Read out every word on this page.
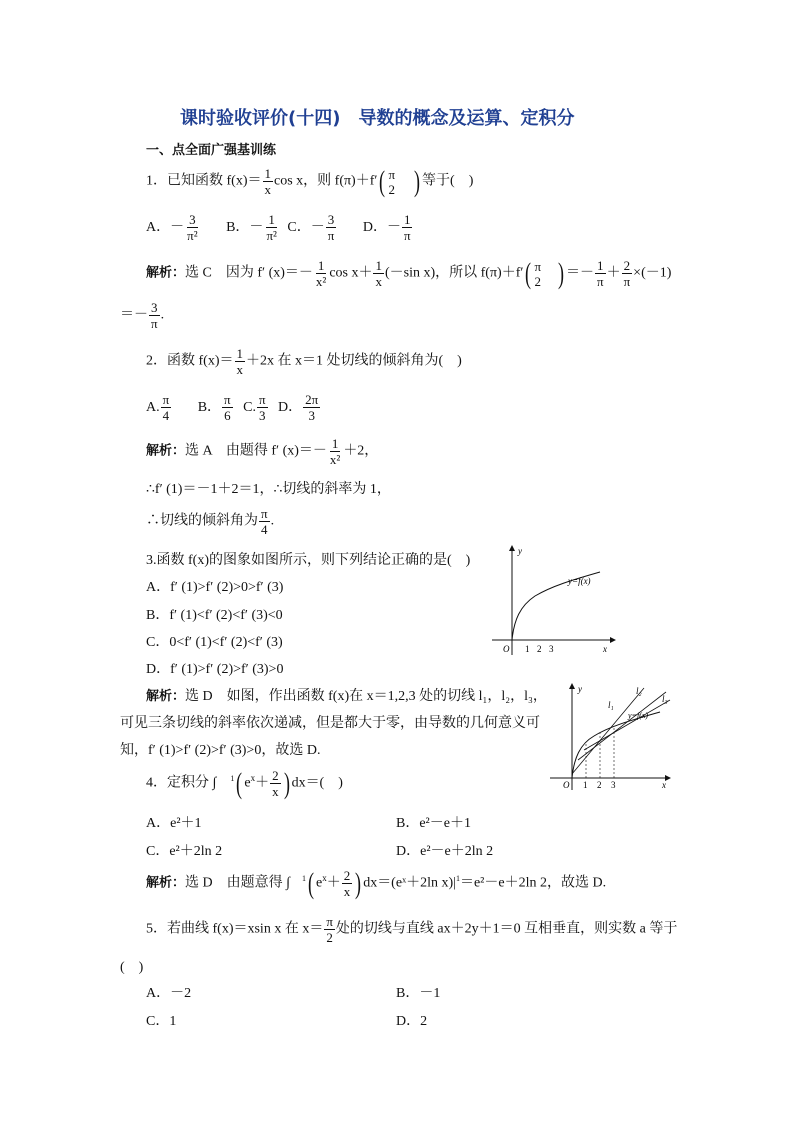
课时验收评价(十四)　导数的概念及运算、定积分
一、点全面广强基训练
1．已知函数 $f(x)= \frac{1}{x}$ cos x，则 f(π)＋f′( π
2 ) 等于(　)
A．－ $\frac{3}{\text{π²}}$ B．－ $\frac{1}{\text{π²}}$ C．－ $\frac{3}{\pi}$ D．－ $\frac{1}{\pi}$
解析：选 C　因为 f′ $(x)=- \frac{1}{\text{x²}}$ $\cos x+ \frac{1}{x} (-\sin$ x)，所以 f(π)＋f′( π
2 ) ＝－ $\frac{1}{\pi} + \frac{2}{\pi} \times(-1)$
＝－ $\frac{3}{\pi}$ .
2．函数 $f(x)= \frac{1}{x} +2x$ 在 x＝1 处切线的倾斜角为(　)
A. $\frac{\pi}{4}$ B． $\frac{\pi}{6} C$. $\frac{\pi}{3}$ D． $\frac{2\pi}{3}$
解析：选 A　由题得 f′ $(x)=- \frac{1}{\text{x²}} +2$，
∴f′ (1)＝－1＋2＝1，∴切线的斜率为 1，
∴切线的倾斜角为 $\frac{\pi}{4}$ .
3.函数 f(x)的图象如图所示，则下列结论正确的是(　)
A．f′ (1)>f′ (2)>0>f′ (3)
B．f′ (1)<f′ (2)<f′ (3)<0
C．0<f′ (1)<f′ (2)<f′ (3)
D．f′ (1)>f′ (2)>f′ (3)>0
y
x
O 1 2 3
y=f(x)
解析：选 D　如图，作出函数 f(x)在 x＝1,2,3 处的切线 l₁，l₂，l₃，
可见三条切线的斜率依次递减，但是都大于零，由导数的几何意义可
知，f′ (1)>f′ (2)>f′ (3)>0，故选 D.
y
x
O 1 2 3
y=f(x)
l₁
l₂
l₃
4．定积分 ∫ $^1$( $e^x+ \frac{2}{x}$ ) dx＝(　)
A．e²＋1	B．e²－e＋1
C．e²＋2ln 2	D．e²－e＋2ln 2
解析：选 D　由题意得 ∫ $^1$( $e^x+ \frac{2}{x}$ ) dx＝(eˣ＋2ln $x)|^1=e^2-e+2\ln$ 2，故选 D.
5．若曲线 f(x)＝xsin x 在 $x= \frac{\pi}{2}$ 处的切线与直线 ax＋2y＋1＝0 互相垂直，则实数 a 等于
(　)
A．－2	B．－1
C．1	D．2
